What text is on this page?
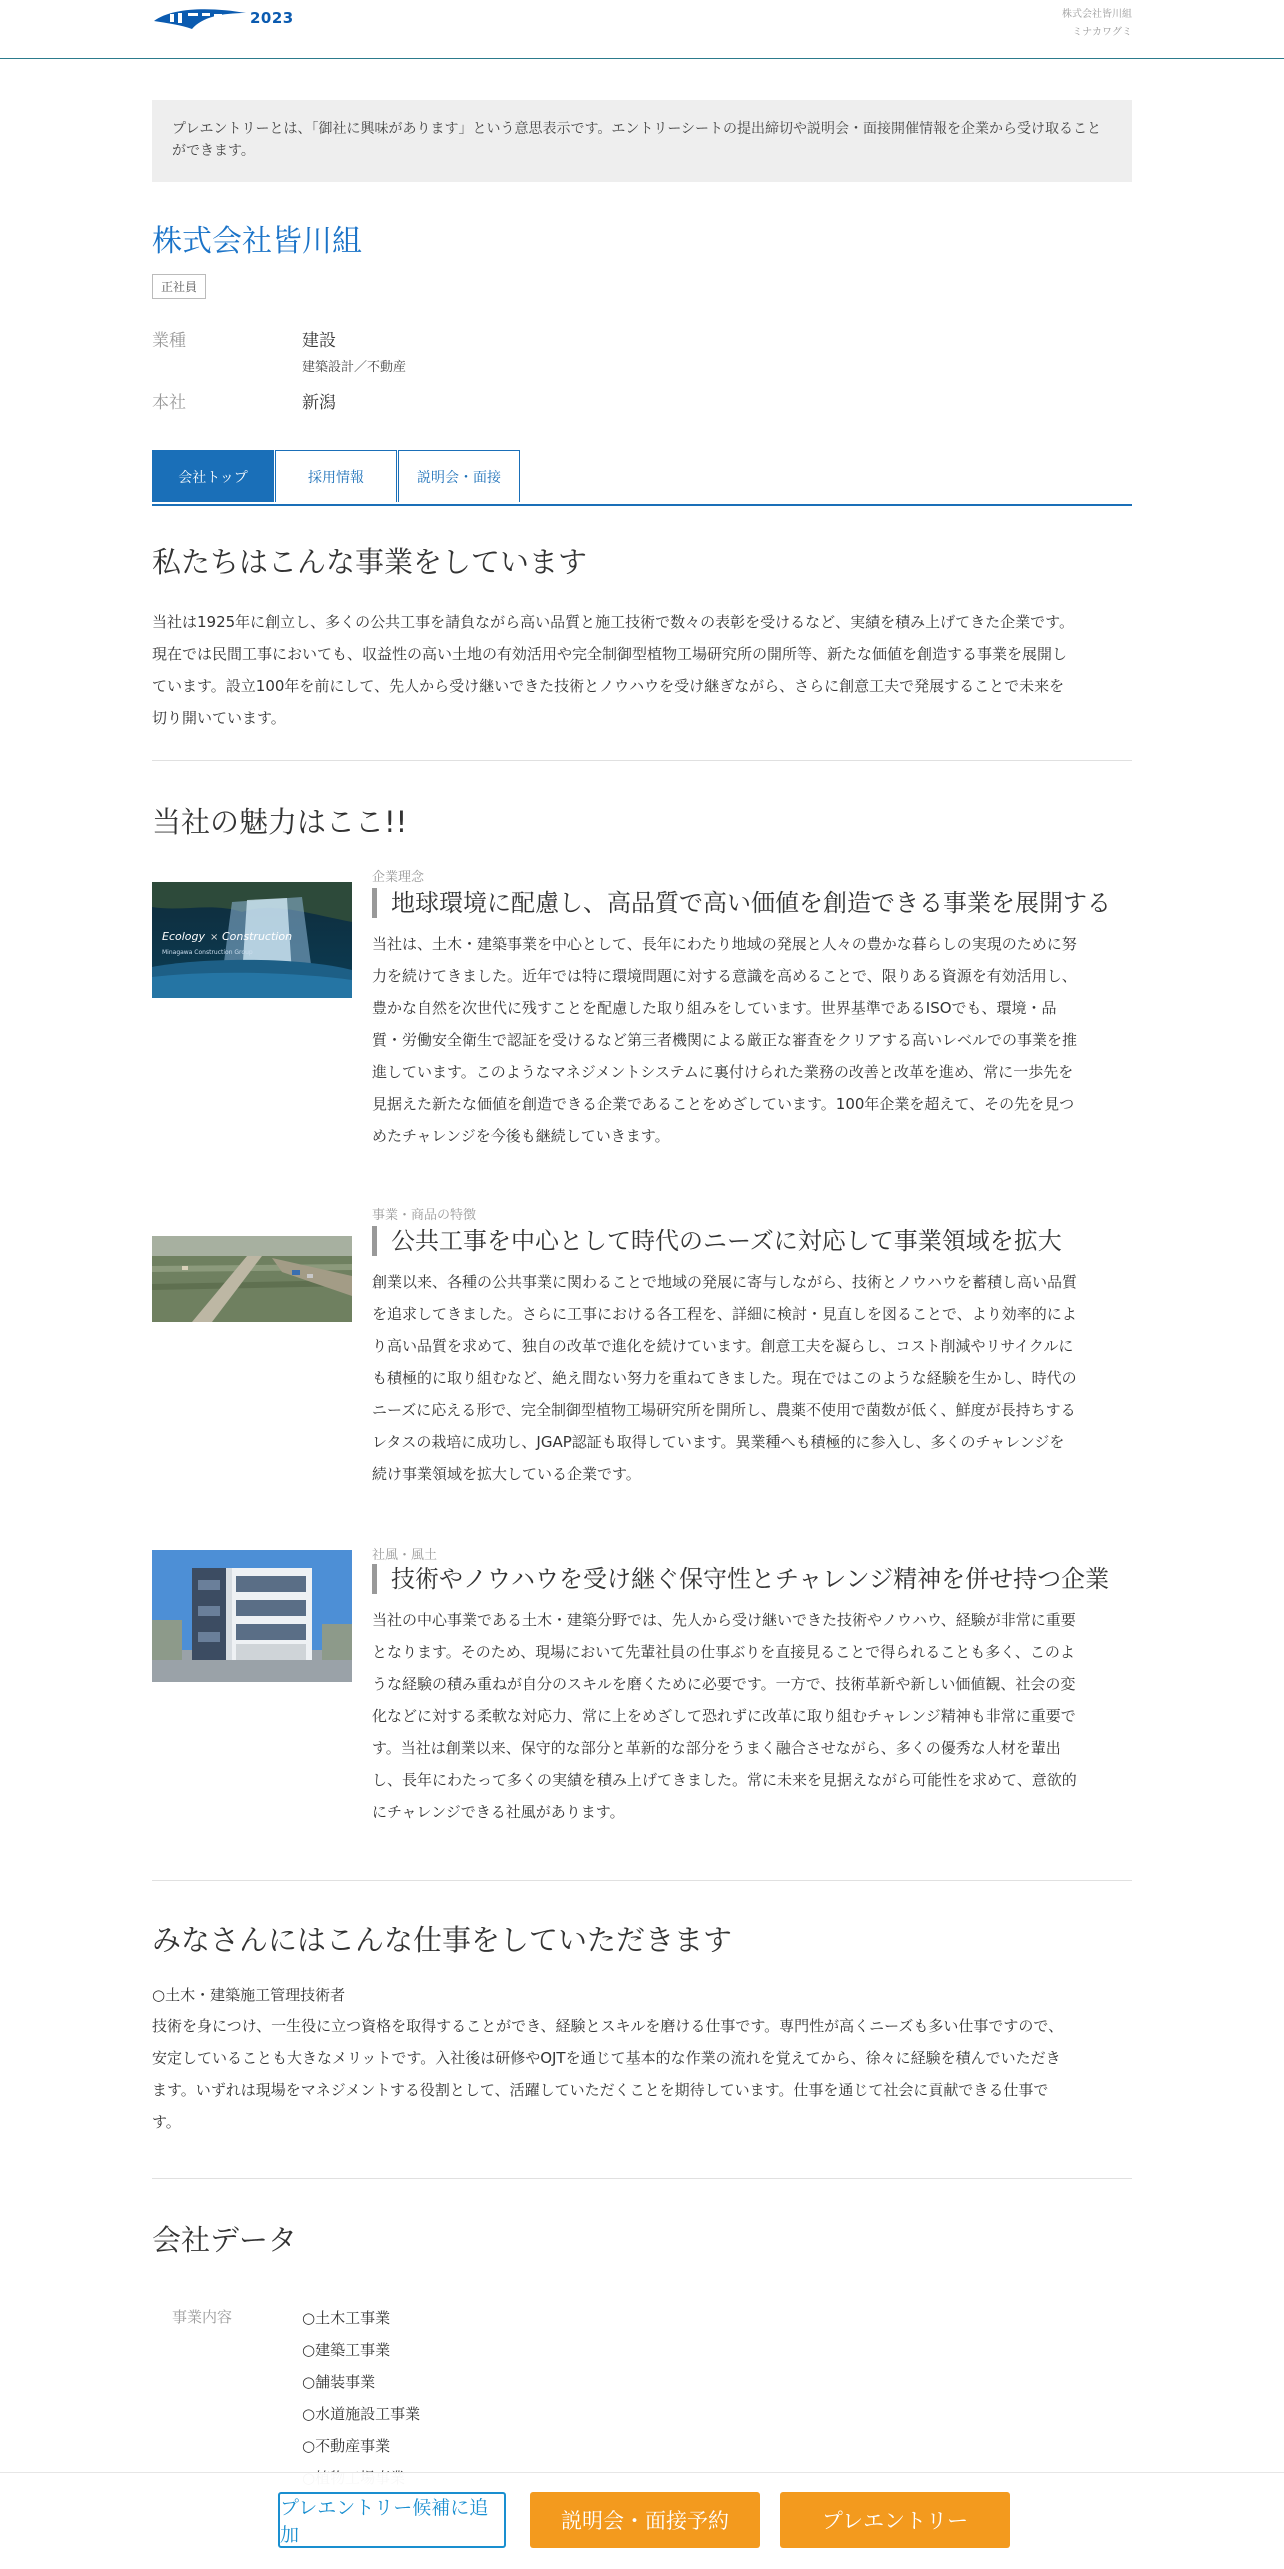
2023	株式会社皆川組
ミナカワグミ
プレエントリーとは、「御社に興味があります」という意思表示です。エントリーシートの提出締切や説明会・面接開催情報を企業から受け取ることができます。
株式会社皆川組
正社員
業種	建設
建築設計／不動産
本社	新潟
会社トップ	採用情報	説明会・面接
私たちはこんな事業をしています
当社は1925年に創立し、多くの公共工事を請負ながら高い品質と施工技術で数々の表彰を受けるなど、実績を積み上げてきた企業です。
現在では民間工事においても、収益性の高い土地の有効活用や完全制御型植物工場研究所の開所等、新たな価値を創造する事業を展開し
ています。設立100年を前にして、先人から受け継いできた技術とノウハウを受け継ぎながら、さらに創意工夫で発展することで未来を
切り開いています。
当社の魅力はここ!!
Ecology × Construction
Minagawa Construction Group
企業理念
地球環境に配慮し、高品質で高い価値を創造できる事業を展開する
当社は、土木・建築事業を中心として、長年にわたり地域の発展と人々の豊かな暮らしの実現のために努
力を続けてきました。近年では特に環境問題に対する意識を高めることで、限りある資源を有効活用し、
豊かな自然を次世代に残すことを配慮した取り組みをしています。世界基準であるISOでも、環境・品
質・労働安全衛生で認証を受けるなど第三者機関による厳正な審査をクリアする高いレベルでの事業を推
進しています。このようなマネジメントシステムに裏付けられた業務の改善と改革を進め、常に一歩先を
見据えた新たな価値を創造できる企業であることをめざしています。100年企業を超えて、その先を見つ
めたチャレンジを今後も継続していきます。
事業・商品の特徴
公共工事を中心として時代のニーズに対応して事業領域を拡大
創業以来、各種の公共事業に関わることで地域の発展に寄与しながら、技術とノウハウを蓄積し高い品質
を追求してきました。さらに工事における各工程を、詳細に検討・見直しを図ることで、より効率的によ
り高い品質を求めて、独自の改革で進化を続けています。創意工夫を凝らし、コスト削減やリサイクルに
も積極的に取り組むなど、絶え間ない努力を重ねてきました。現在ではこのような経験を生かし、時代の
ニーズに応える形で、完全制御型植物工場研究所を開所し、農薬不使用で菌数が低く、鮮度が長持ちする
レタスの栽培に成功し、JGAP認証も取得しています。異業種へも積極的に参入し、多くのチャレンジを
続け事業領域を拡大している企業です。
社風・風土
技術やノウハウを受け継ぐ保守性とチャレンジ精神を併せ持つ企業
当社の中心事業である土木・建築分野では、先人から受け継いできた技術やノウハウ、経験が非常に重要
となります。そのため、現場において先輩社員の仕事ぶりを直接見ることで得られることも多く、このよ
うな経験の積み重ねが自分のスキルを磨くために必要です。一方で、技術革新や新しい価値観、社会の変
化などに対する柔軟な対応力、常に上をめざして恐れずに改革に取り組むチャレンジ精神も非常に重要で
す。当社は創業以来、保守的な部分と革新的な部分をうまく融合させながら、多くの優秀な人材を輩出
し、長年にわたって多くの実績を積み上げてきました。常に未来を見据えながら可能性を求めて、意欲的
にチャレンジできる社風があります。
みなさんにはこんな仕事をしていただきます
○土木・建築施工管理技術者
技術を身につけ、一生役に立つ資格を取得することができ、経験とスキルを磨ける仕事です。専門性が高くニーズも多い仕事ですので、
安定していることも大きなメリットです。入社後は研修やOJTを通じて基本的な作業の流れを覚えてから、徐々に経験を積んでいただき
ます。いずれは現場をマネジメントする役割として、活躍していただくことを期待しています。仕事を通じて社会に貢献できる仕事で
す。
会社データ
事業内容	○土木工事業
○建築工事業
○舗装事業
○水道施設工事業
○不動産事業
プレエントリー候補に追加
説明会・面接予約	プレエントリー
